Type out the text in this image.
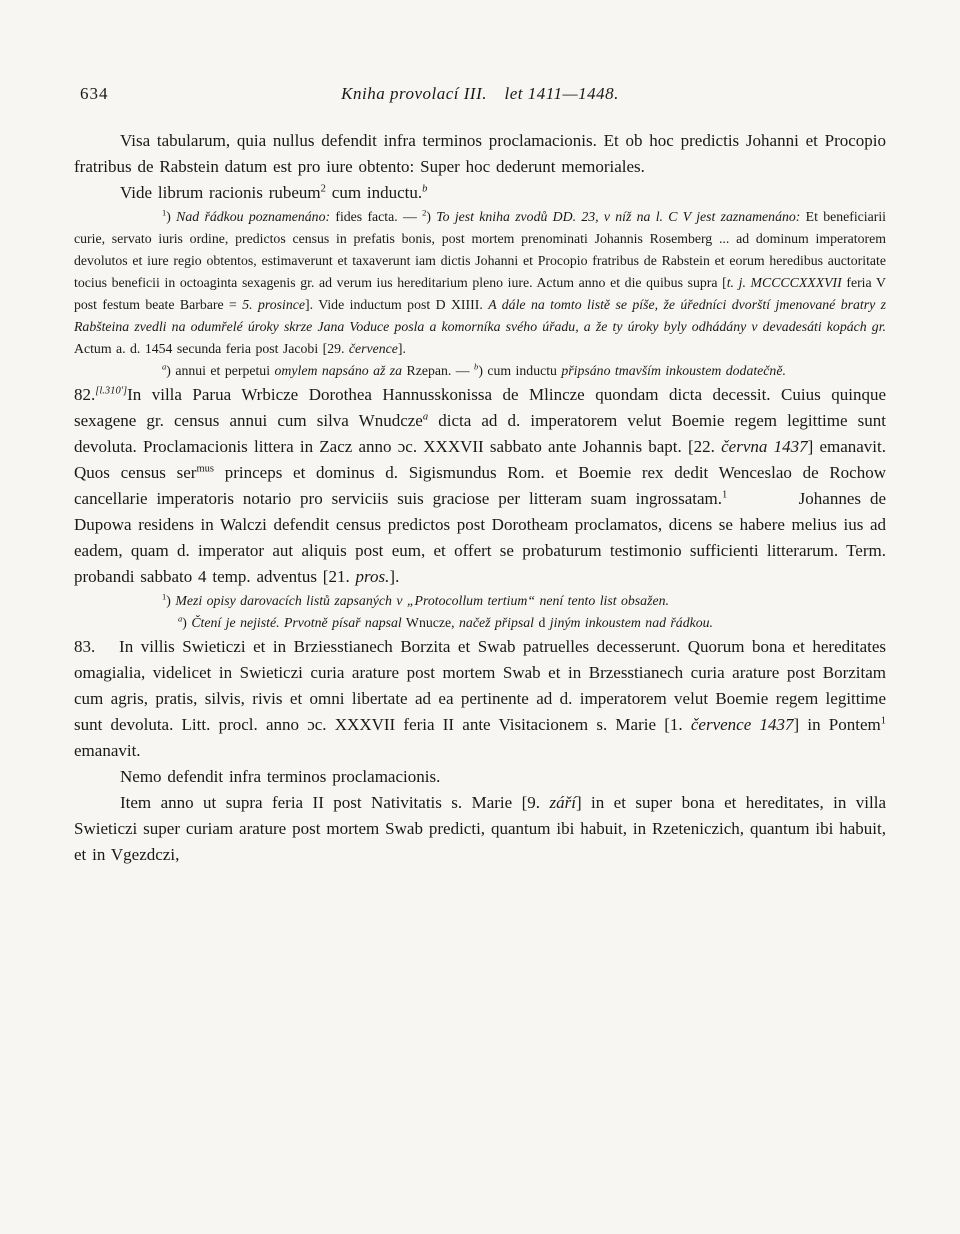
634	Kniha provolací III. let 1411—1448.

Visa tabularum, quia nullus defendit infra terminos proclamacionis. Et ob hoc predictis Johanni et Procopio fratribus de Rabstein datum est pro iure obtento: Super hoc dederunt memoriales.

Vide librum racionis rubeum$^2$ cum inductu.$^b$

$^1$) Nad řádkou poznamenáno: fides facta. — $^2$) To jest kniha zvodů DD. 23, v níž na l. C V jest zaznamenáno: Et beneficiarii curie, servato iuris ordine, predictos census in prefatis bonis, post mortem prenominati Johannis Rosemberg ... ad dominum imperatorem devolutos et iure regio obtentos, estimaverunt et taxaverunt iam dictis Johanni et Procopio fratribus de Rabstein et eorum heredibus auctoritate tocius beneficii in octoaginta sexagenis gr. ad verum ius hereditarium pleno iure. Actum anno et die quibus supra [t. j. MCCCCXXXVII feria V post festum beate Barbare = 5. prosince]. Vide inductum post D XIIII. A dále na tomto listě se píše, že úředníci dvorští jmenované bratry z Rabšteina zvedli na odumřelé úroky skrze Jana Voduce posla a komorníka svého úřadu, a že ty úroky byly odhádány v devadesáti kopách gr. Actum a. d. 1454 secunda feria post Jacobi [29. července].

$^a$) annui et perpetui omylem napsáno až za Rzepan. — $^b$) cum inductu připsáno tmavším inkoustem dodatečně.

82.[l.310']In villa Parua Wrbicze Dorothea Hannusskonissa de Mlincze quondam dicta decessit. Cuius quinque sexagene gr. census annui cum silva Wnudcze$^a$ dicta ad d. imperatorem velut Boemie regem legittime sunt devoluta. Proclamacionis littera in Zacz anno ɔc. XXXVII sabbato ante Johannis bapt. [22. června 1437] emanavit. Quos census ser$^{mus}$ princeps et dominus d. Sigismundus Rom. et Boemie rex dedit Wenceslao de Rochow cancellarie imperatoris notario pro serviciis suis graciose per litteram suam ingrossatam.$^1$	Johannes de Dupowa residens in Walczi defendit census predictos post Dorotheam proclamatos, dicens se habere melius ius ad eadem, quam d. imperator aut aliquis post eum, et offert se probaturum testimonio sufficienti litterarum. Term. probandi sabbato 4 temp. adventus [21. pros.].

$^1$) Mezi opisy darovacích listů zapsaných v „Protocollum tertium“ není tento list obsažen.

$^a$) Čtení je nejisté. Prvotně písař napsal Wnucze, načež připsal d jiným inkoustem nad řádkou.

83. In villis Swieticzi et in Brziesstianech Borzita et Swab patruelles decesserunt. Quorum bona et hereditates omagialia, videlicet in Swieticzi curia arature post mortem Swab et in Brzesstianech curia arature post Borzitam cum agris, pratis, silvis, rivis et omni libertate ad ea pertinente ad d. imperatorem velut Boemie regem legittime sunt devoluta. Litt. procl. anno ɔc. XXXVII feria II ante Visitacionem s. Marie [1. července 1437] in Pontem$^1$ emanavit.

Nemo defendit infra terminos proclamacionis.

Item anno ut supra feria II post Nativitatis s. Marie [9. září] in et super bona et hereditates, in villa Swieticzi super curiam arature post mortem Swab predicti, quantum ibi habuit, in Rzeteniczich, quantum ibi habuit, et in Vgezdczi,
